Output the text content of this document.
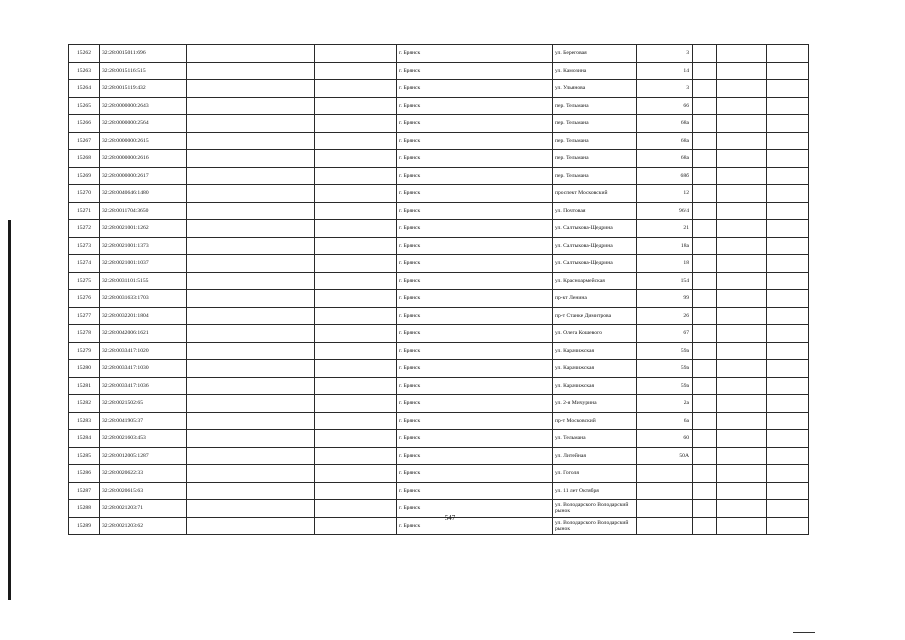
15262	32:28:0015011:696			г. Брянск	ул. Береговая	3			
15263	32:28:0015116:515			г. Брянск	ул. Камозина	14			
15264	32:28:0015119:432			г. Брянск	ул. Ульянова	3			
15265	32:28:0000000:2643			г. Брянск	пер. Тельмана	66			
15266	32:28:0000000:2564			г. Брянск	пер. Тельмана	68а			
15267	32:28:0000000:2615			г. Брянск	пер. Тельмана	68а			
15268	32:28:0000000:2616			г. Брянск	пер. Тельмана	68а			
15269	32:28:0000000:2617			г. Брянск	пер. Тельмана	68б			
15270	32:28:0040646:1480			г. Брянск	проспект Московский	12			
15271	32:28:0011704:3650			г. Брянск	ул. Почтовая	96/4			
15272	32:28:0021001:1262			г. Брянск	ул. Салтыкова-Щедрина	21			
15273	32:28:0021001:1373			г. Брянск	ул. Салтыкова-Щедрина	18а			
15274	32:28:0021001:1037			г. Брянск	ул. Салтыкова-Щедрина	18			
15275	32:28:0031101:5155			г. Брянск	ул. Красноармейская	154			
15276	32:28:0031633:1703			г. Брянск	пр-кт Ленина	99			
15277	32:28:0032201:1804			г. Брянск	пр-т Станке Димитрова	26			
15278	32:28:0042006:1621			г. Брянск	ул. Олега Кошевого	67			
15279	32:28:0033417:1020			г. Брянск	ул. Карачижская	59а			
15280	32:28:0033417:1030			г. Брянск	ул. Карачижская	59а			
15281	32:28:0033417:1036			г. Брянск	ул. Карачижская	59а			
15282	32:28:0021502:65			г. Брянск	ул. 2-я Мичурина	2а			
15283	32:28:0041905:37			г. Брянск	пр-т Московский	6а			
15284	32:28:0021603:453			г. Брянск	ул. Тельмана	60			
15285	32:28:0012005:1287			г. Брянск	ул. Литейная	50А			
15286	32:28:0020622:33			г. Брянск	ул. Гоголя				
15287	32:28:0020615:63			г. Брянск	ул. 11 лет Октября				
15288	32:28:0021203:71			г. Брянск	ул. Володарского Володарский рынок				
15289	32:28:0021203:62			г. Брянск	ул. Володарского Володарский рынок				
547
